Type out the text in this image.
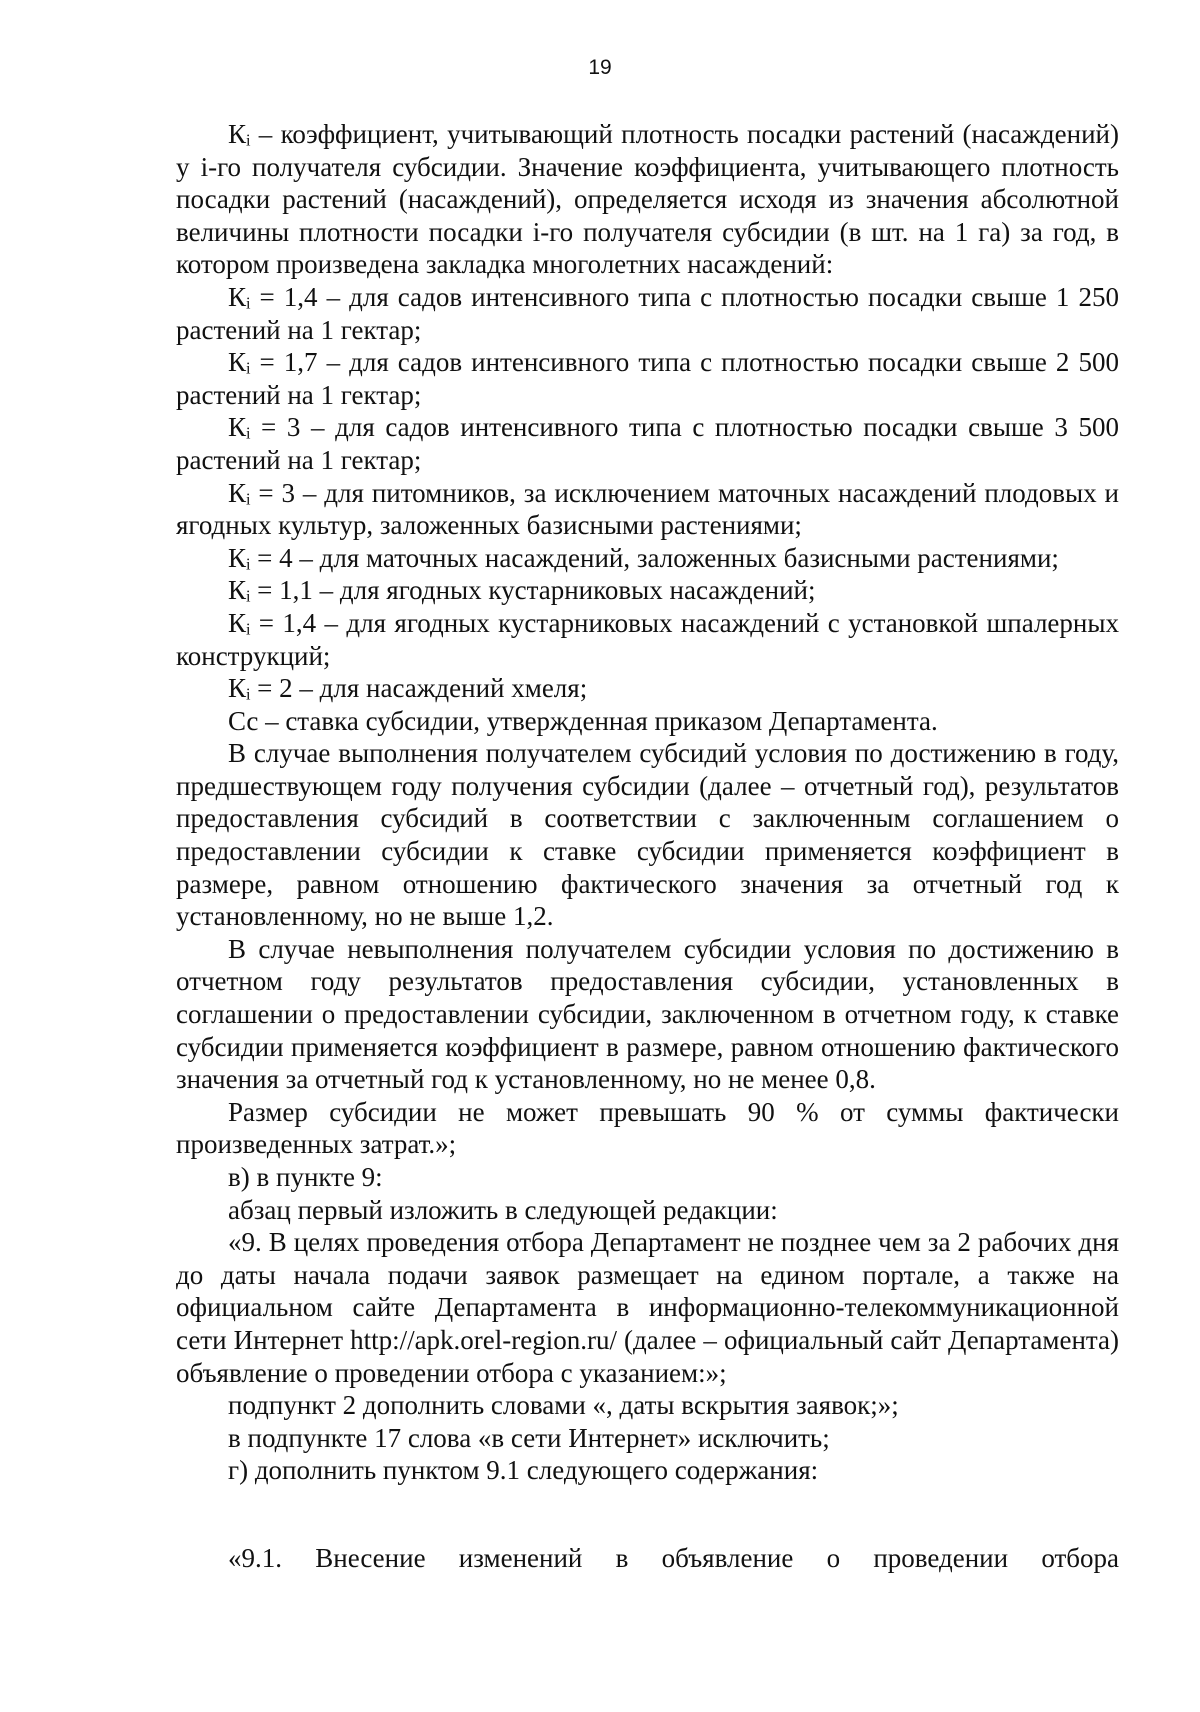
19

Кᵢ – коэффициент, учитывающий плотность посадки растений (насаждений) у i-го получателя субсидии. Значение коэффициента, учитывающего плотность посадки растений (насаждений), определяется исходя из значения абсолютной величины плотности посадки i-го получателя субсидии (в шт. на 1 га) за год, в котором произведена закладка многолетних насаждений:

Кᵢ = 1,4 – для садов интенсивного типа с плотностью посадки свыше 1 250 растений на 1 гектар;

Кᵢ = 1,7 – для садов интенсивного типа с плотностью посадки свыше 2 500 растений на 1 гектар;

Кᵢ = 3 – для садов интенсивного типа с плотностью посадки свыше 3 500 растений на 1 гектар;

Кᵢ = 3 – для питомников, за исключением маточных насаждений плодовых и ягодных культур, заложенных базисными растениями;

Кᵢ = 4 – для маточных насаждений, заложенных базисными растениями;

Кᵢ = 1,1 – для ягодных кустарниковых насаждений;

Кᵢ = 1,4 – для ягодных кустарниковых насаждений с установкой шпалерных конструкций;

Кᵢ = 2 – для насаждений хмеля;

Сс – ставка субсидии, утвержденная приказом Департамента.

В случае выполнения получателем субсидий условия по достижению в году, предшествующем году получения субсидии (далее – отчетный год), результатов предоставления субсидий в соответствии с заключенным соглашением о предоставлении субсидии к ставке субсидии применяется коэффициент в размере, равном отношению фактического значения за отчетный год к установленному, но не выше 1,2.

В случае невыполнения получателем субсидии условия по достижению в отчетном году результатов предоставления субсидии, установленных в соглашении о предоставлении субсидии, заключенном в отчетном году, к ставке субсидии применяется коэффициент в размере, равном отношению фактического значения за отчетный год к установленному, но не менее 0,8.

Размер субсидии не может превышать 90 % от суммы фактически произведенных затрат.»;

в) в пункте 9:

абзац первый изложить в следующей редакции:

«9. В целях проведения отбора Департамент не позднее чем за 2 рабочих дня до даты начала подачи заявок размещает на едином портале, а также на официальном сайте Департамента в информационно-телекоммуникационной сети Интернет http://apk.orel-region.ru/ (далее – официальный сайт Департамента) объявление о проведении отбора с указанием:»;

подпункт 2 дополнить словами «, даты вскрытия заявок;»;

в подпункте 17 слова «в сети Интернет» исключить;

г) дополнить пунктом 9.1 следующего содержания:

«9.1. Внесение изменений в объявление о проведении отбора
